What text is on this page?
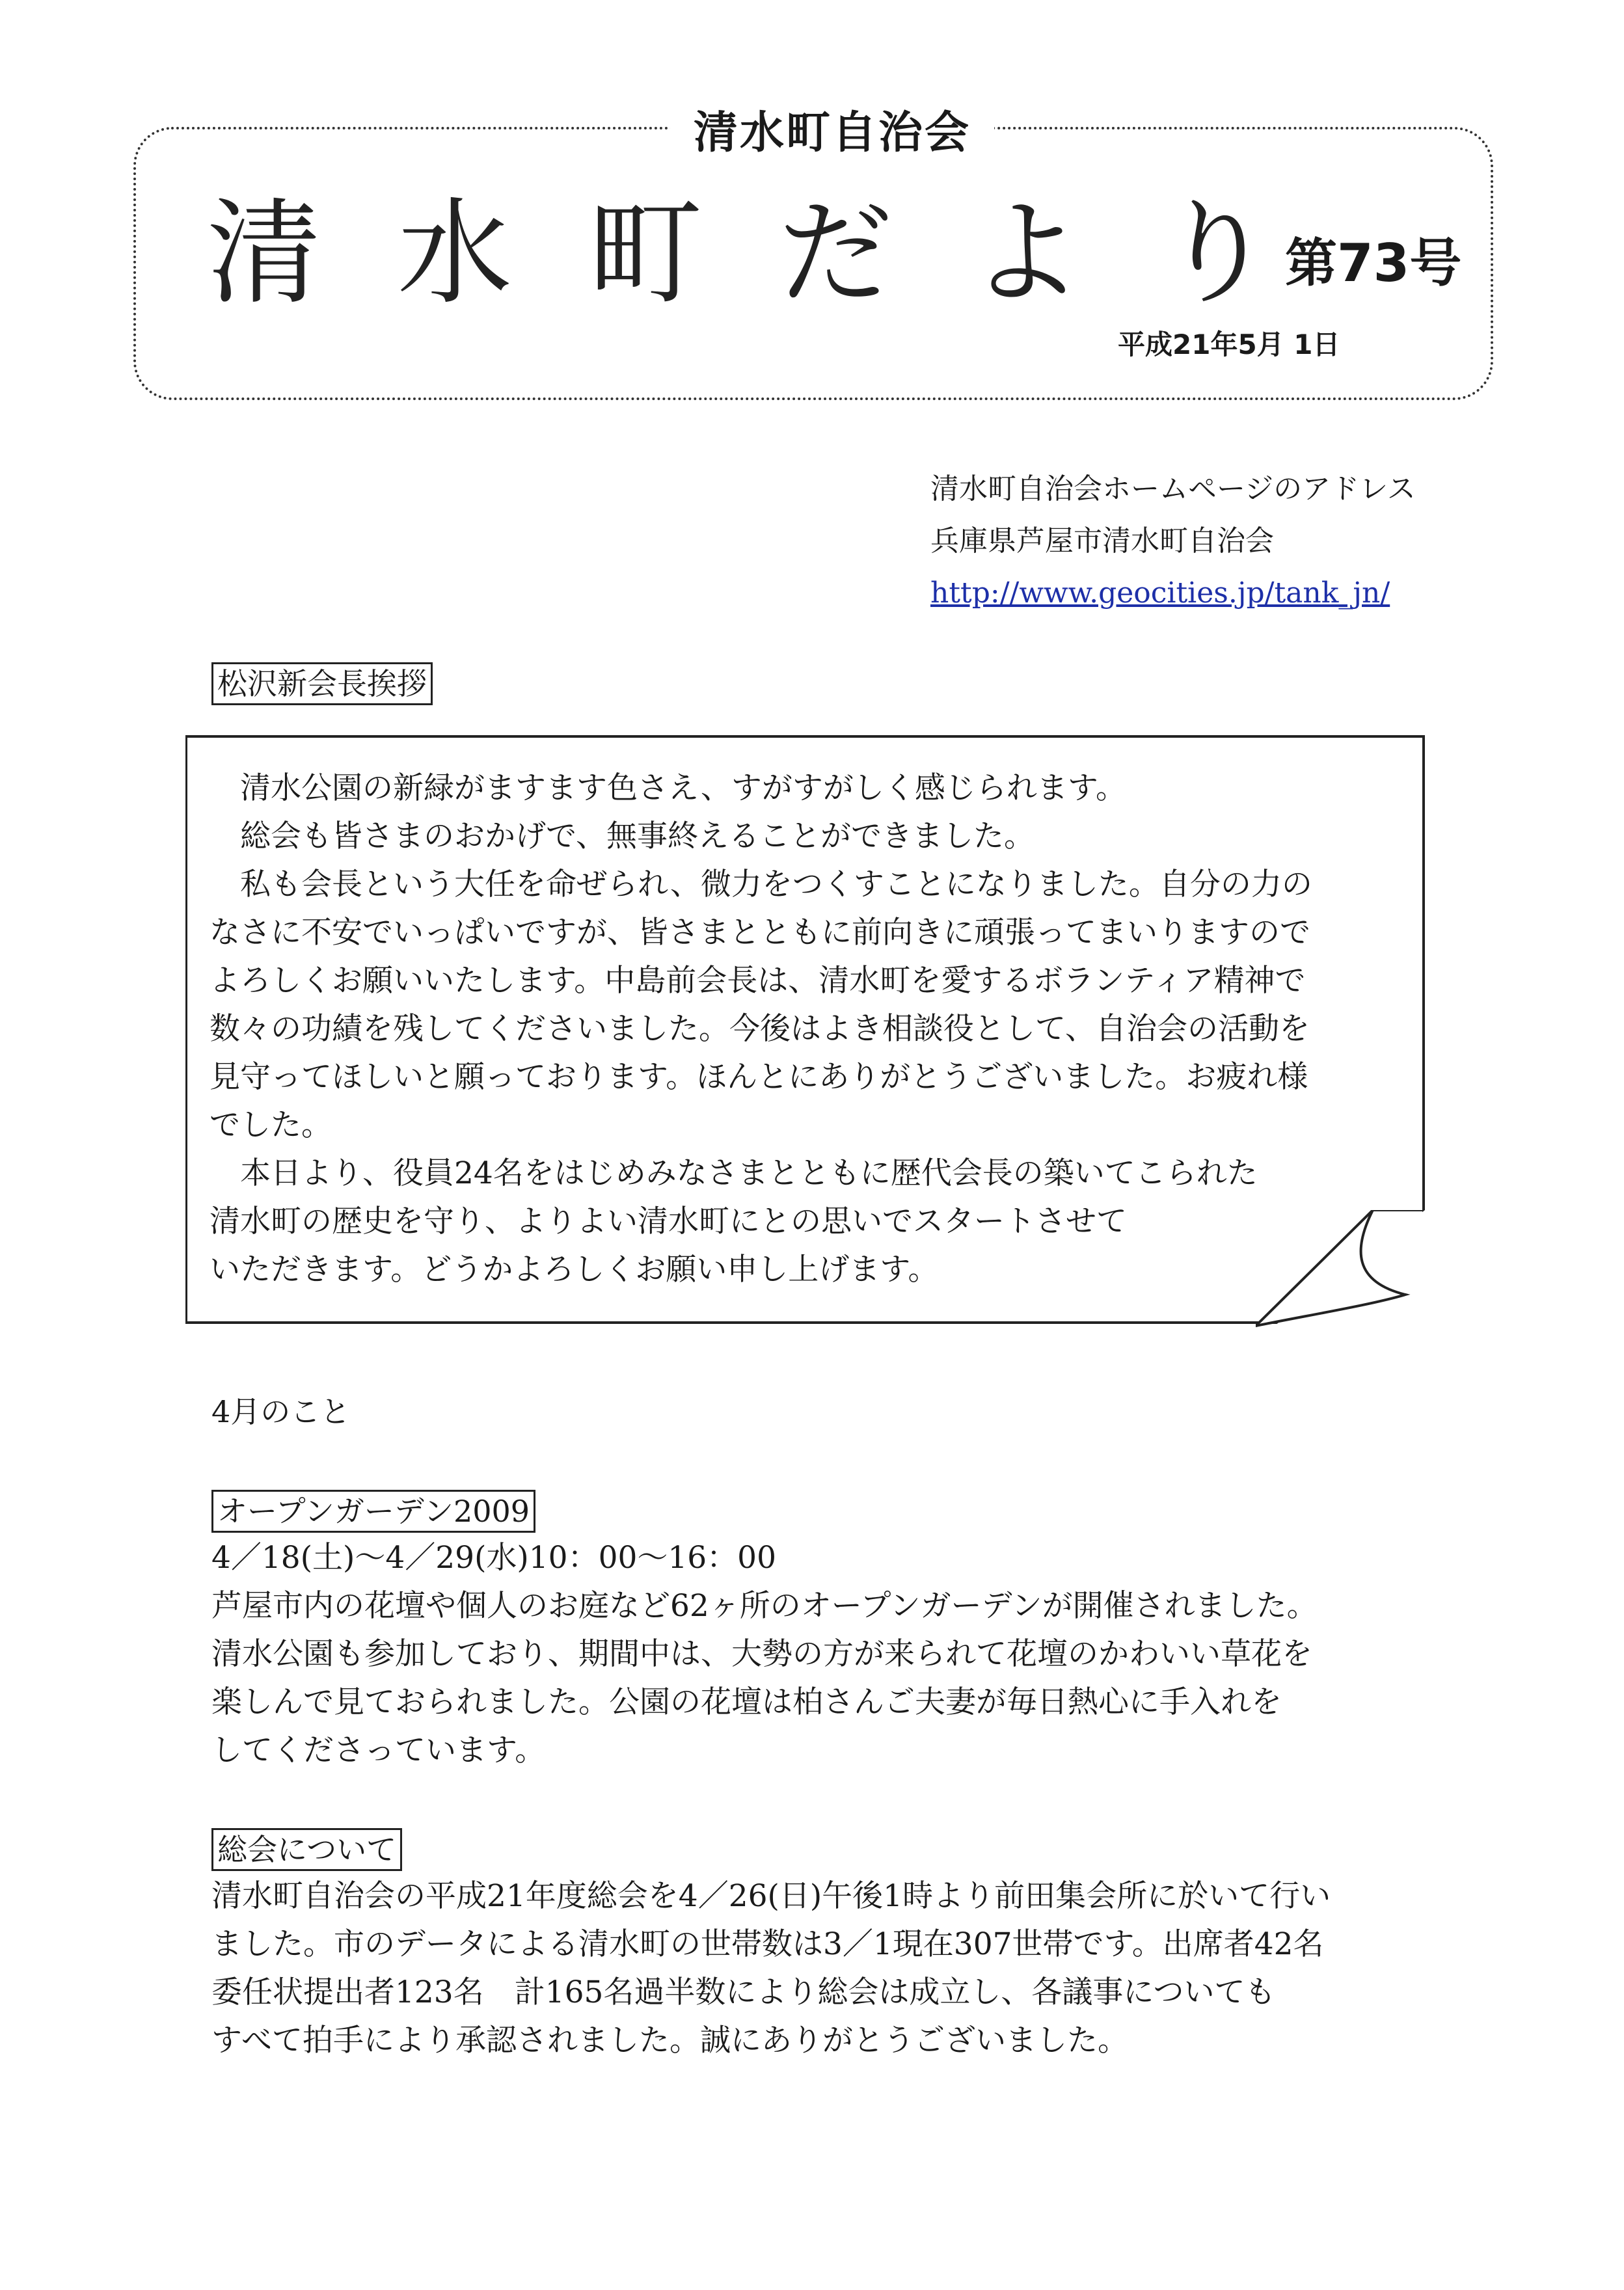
清水町自治会
清 水 町 だ よ り 第73号
平成21年5月 1日
清水町自治会ホームページのアドレス
兵庫県芦屋市清水町自治会
http://www.geocities.jp/tank_jn/
松沢新会長挨拶
　清水公園の新緑がますます色さえ、すがすがしく感じられます。
　総会も皆さまのおかげで、無事終えることができました。
　私も会長という大任を命ぜられ、微力をつくすことになりました。自分の力の
なさに不安でいっぱいですが、皆さまとともに前向きに頑張ってまいりますので
よろしくお願いいたします。中島前会長は、清水町を愛するボランティア精神で
数々の功績を残してくださいました。今後はよき相談役として、自治会の活動を
見守ってほしいと願っております。ほんとにありがとうございました。お疲れ様
でした。
　本日より、役員24名をはじめみなさまとともに歴代会長の築いてこられた
清水町の歴史を守り、よりよい清水町にとの思いでスタートさせて
いただきます。どうかよろしくお願い申し上げます。
4月のこと
オープンガーデン2009
4／18(土)～4／29(水)10：00～16：00
芦屋市内の花壇や個人のお庭など62ヶ所のオープンガーデンが開催されました。
清水公園も参加しており、期間中は、大勢の方が来られて花壇のかわいい草花を
楽しんで見ておられました。公園の花壇は柏さんご夫妻が毎日熱心に手入れを
してくださっています。
総会について
清水町自治会の平成21年度総会を4／26(日)午後1時より前田集会所に於いて行い
ました。市のデータによる清水町の世帯数は3／1現在307世帯です。出席者42名
委任状提出者123名　計165名過半数により総会は成立し、各議事についても
すべて拍手により承認されました。誠にありがとうございました。
